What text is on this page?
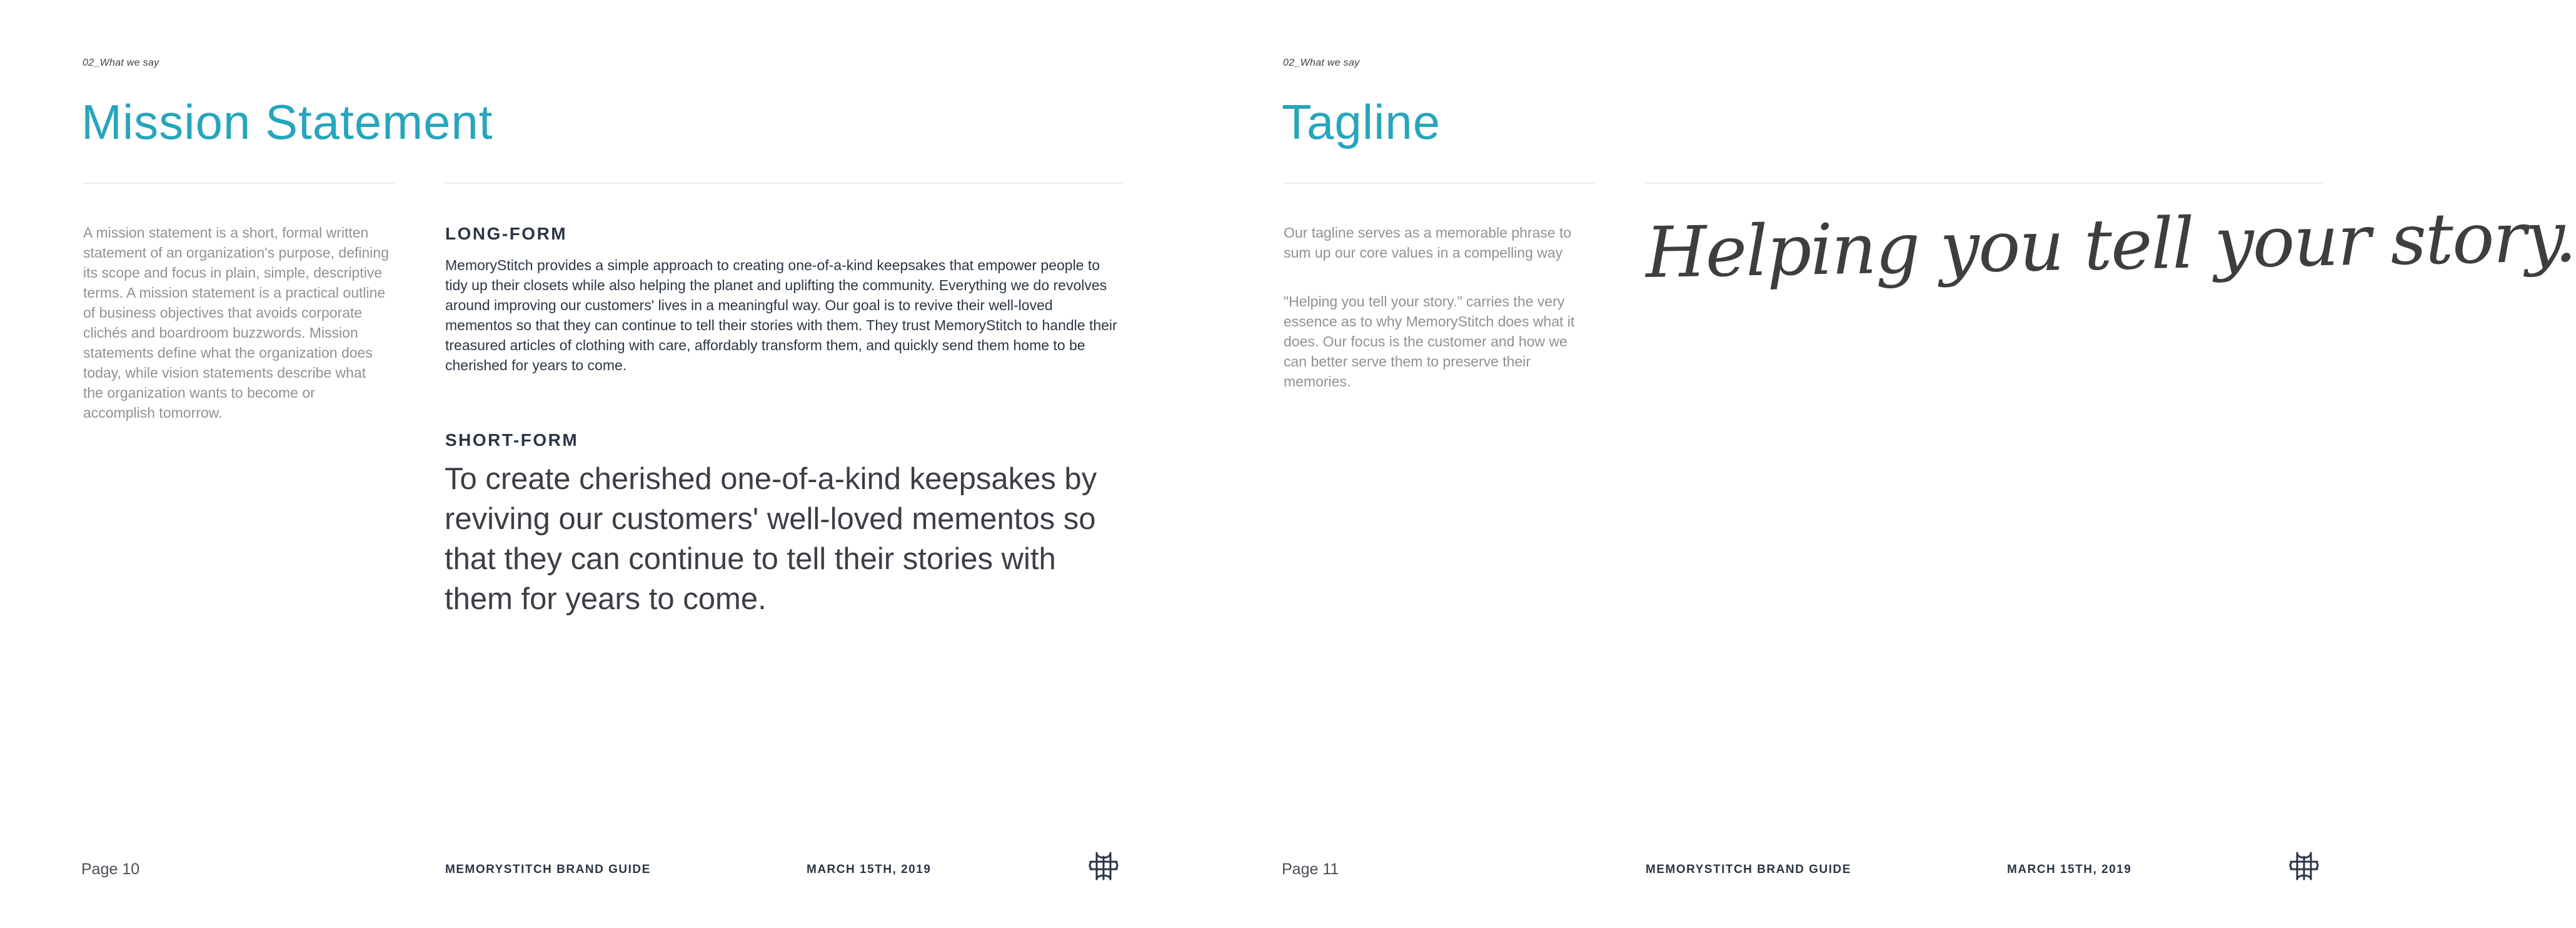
02_What we say
Mission Statement

A mission statement is a short, formal written statement of an organization's purpose, defining its scope and focus in plain, simple, descriptive terms. A mission statement is a practical outline of business objectives that avoids corporate clichés and boardroom buzzwords. Mission statements define what the organization does today, while vision statements describe what the organization wants to become or accomplish tomorrow.

LONG-FORM

MemoryStitch provides a simple approach to creating one-of-a-kind keepsakes that empower people to tidy up their closets while also helping the planet and uplifting the community. Everything we do revolves around improving our customers' lives in a meaningful way. Our goal is to revive their well-loved mementos so that they can continue to tell their stories with them. They trust MemoryStitch to handle their treasured articles of clothing with care, affordably transform them, and quickly send them home to be cherished for years to come.

SHORT-FORM

To create cherished one-of-a-kind keepsakes by reviving our customers' well-loved mementos so that they can continue to tell their stories with them for years to come.

Page 10	MEMORYSTITCH BRAND GUIDE	MARCH 15TH, 2019
02_What we say
Tagline

Our tagline serves as a memorable phrase to sum up our core values in a compelling way

"Helping you tell your story." carries the very essence as to why MemoryStitch does what it does. Our focus is the customer and how we can better serve them to preserve their memories.

Helping you tell your story.
Page 11	MEMORYSTITCH BRAND GUIDE	MARCH 15TH, 2019
